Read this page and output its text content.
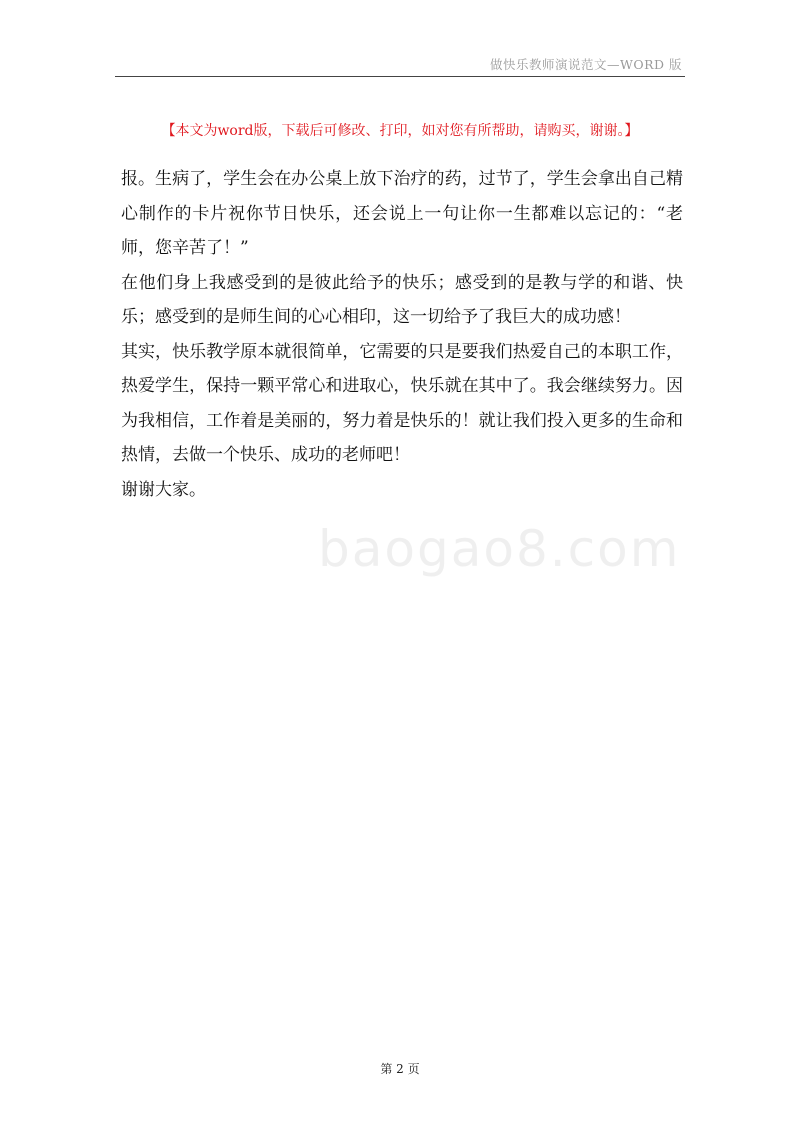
做快乐教师演说范文—WORD 版
【本文为word版，下载后可修改、打印，如对您有所帮助，请购买，谢谢。】

报。生病了，学生会在办公桌上放下治疗的药，过节了，学生会拿出自己精心制作的卡片祝你节日快乐，还会说上一句让你一生都难以忘记的：“老师，您辛苦了！”

在他们身上我感受到的是彼此给予的快乐；感受到的是教与学的和谐、快乐；感受到的是师生间的心心相印，这一切给予了我巨大的成功感！

其实，快乐教学原本就很简单，它需要的只是要我们热爱自己的本职工作，热爱学生，保持一颗平常心和进取心，快乐就在其中了。我会继续努力。因为我相信，工作着是美丽的，努力着是快乐的！就让我们投入更多的生命和热情，去做一个快乐、成功的老师吧！

谢谢大家。

baogao8.com
第 2 页
